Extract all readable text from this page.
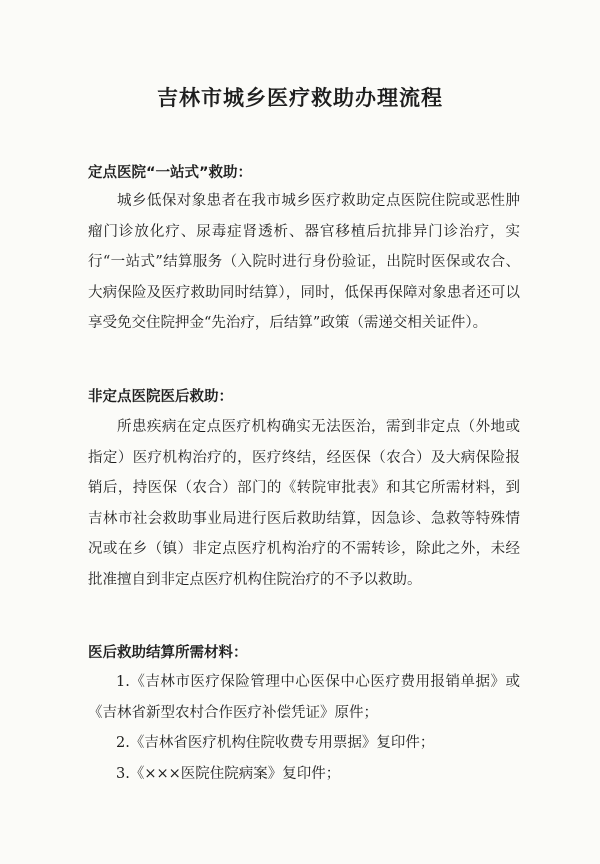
吉林市城乡医疗救助办理流程
定点医院“一站式”救助：

城乡低保对象患者在我市城乡医疗救助定点医院住院或恶性肿瘤门诊放化疗、尿毒症肾透析、器官移植后抗排异门诊治疗，实行“一站式”结算服务（入院时进行身份验证，出院时医保或农合、大病保险及医疗救助同时结算），同时，低保再保障对象患者还可以享受免交住院押金“先治疗，后结算”政策（需递交相关证件）。

非定点医院医后救助：

所患疾病在定点医疗机构确实无法医治，需到非定点（外地或指定）医疗机构治疗的，医疗终结，经医保（农合）及大病保险报销后，持医保（农合）部门的《转院审批表》和其它所需材料，到吉林市社会救助事业局进行医后救助结算，因急诊、急救等特殊情况或在乡（镇）非定点医疗机构治疗的不需转诊，除此之外，未经批准擅自到非定点医疗机构住院治疗的不予以救助。

医后救助结算所需材料：

1.《吉林市医疗保险管理中心医保中心医疗费用报销单据》或《吉林省新型农村合作医疗补偿凭证》原件；

2.《吉林省医疗机构住院收费专用票据》复印件；

3.《×××医院住院病案》复印件；
